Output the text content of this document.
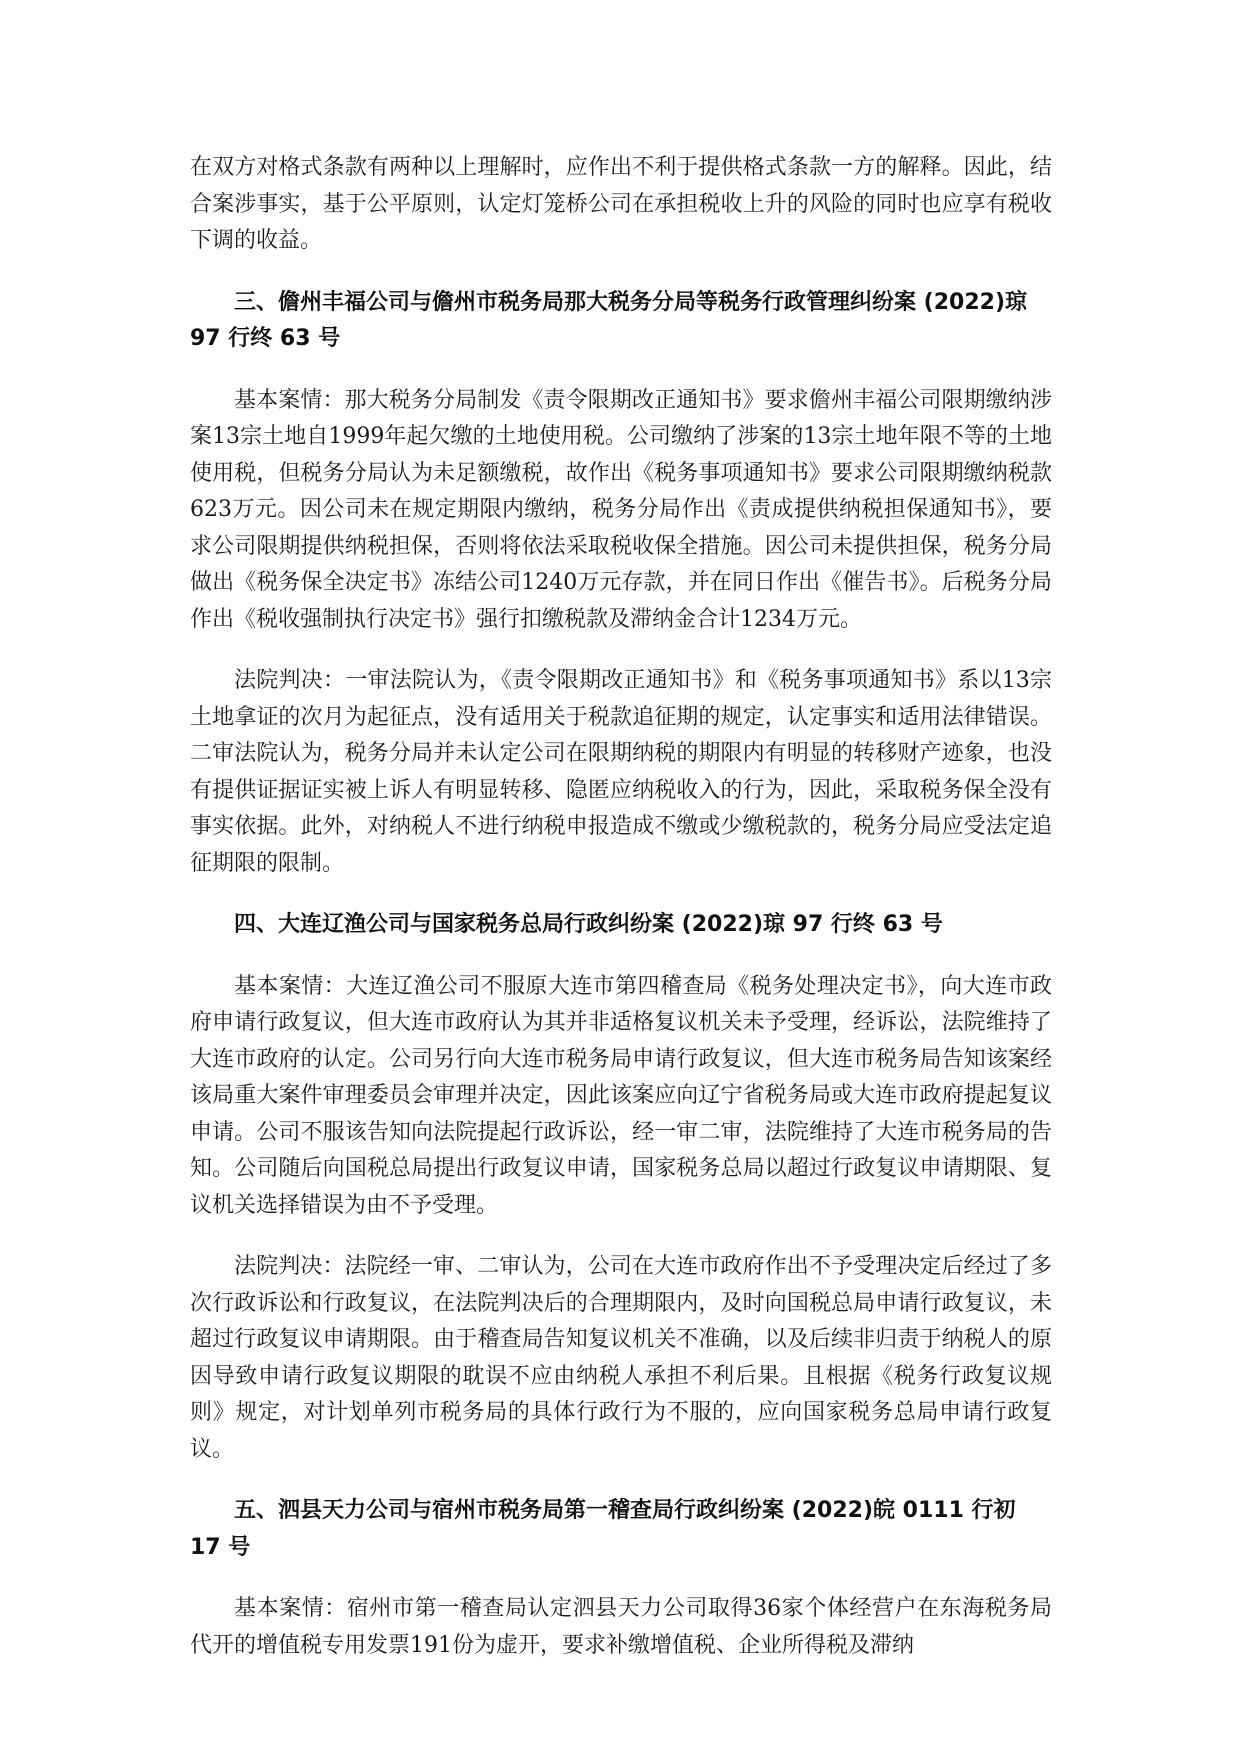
在双方对格式条款有两种以上理解时，应作出不利于提供格式条款一方的解释。因此，结合案涉事实，基于公平原则，认定灯笼桥公司在承担税收上升的风险的同时也应享有税收下调的收益。

三、儋州丰福公司与儋州市税务局那大税务分局等税务行政管理纠纷案 (2022)琼 97 行终 63 号

基本案情：那大税务分局制发《责令限期改正通知书》要求儋州丰福公司限期缴纳涉案13宗土地自1999年起欠缴的土地使用税。公司缴纳了涉案的13宗土地年限不等的土地使用税，但税务分局认为未足额缴税，故作出《税务事项通知书》要求公司限期缴纳税款623万元。因公司未在规定期限内缴纳，税务分局作出《责成提供纳税担保通知书》，要求公司限期提供纳税担保，否则将依法采取税收保全措施。因公司未提供担保，税务分局做出《税务保全决定书》冻结公司1240万元存款，并在同日作出《催告书》。后税务分局作出《税收强制执行决定书》强行扣缴税款及滞纳金合计1234万元。

法院判决：一审法院认为，《责令限期改正通知书》和《税务事项通知书》系以13宗土地拿证的次月为起征点，没有适用关于税款追征期的规定，认定事实和适用法律错误。二审法院认为，税务分局并未认定公司在限期纳税的期限内有明显的转移财产迹象，也没有提供证据证实被上诉人有明显转移、隐匿应纳税收入的行为，因此，采取税务保全没有事实依据。此外，对纳税人不进行纳税申报造成不缴或少缴税款的，税务分局应受法定追征期限的限制。

四、大连辽渔公司与国家税务总局行政纠纷案 (2022)琼 97 行终 63 号

基本案情：大连辽渔公司不服原大连市第四稽查局《税务处理决定书》，向大连市政府申请行政复议，但大连市政府认为其并非适格复议机关未予受理，经诉讼，法院维持了大连市政府的认定。公司另行向大连市税务局申请行政复议，但大连市税务局告知该案经该局重大案件审理委员会审理并决定，因此该案应向辽宁省税务局或大连市政府提起复议申请。公司不服该告知向法院提起行政诉讼，经一审二审，法院维持了大连市税务局的告知。公司随后向国税总局提出行政复议申请，国家税务总局以超过行政复议申请期限、复议机关选择错误为由不予受理。

法院判决：法院经一审、二审认为，公司在大连市政府作出不予受理决定后经过了多次行政诉讼和行政复议，在法院判决后的合理期限内，及时向国税总局申请行政复议，未超过行政复议申请期限。由于稽查局告知复议机关不准确，以及后续非归责于纳税人的原因导致申请行政复议期限的耽误不应由纳税人承担不利后果。且根据《税务行政复议规则》规定，对计划单列市税务局的具体行政行为不服的，应向国家税务总局申请行政复议。

五、泗县天力公司与宿州市税务局第一稽查局行政纠纷案 (2022)皖 0111 行初 17 号

基本案情：宿州市第一稽查局认定泗县天力公司取得36家个体经营户在东海税务局代开的增值税专用发票191份为虚开，要求补缴增值税、企业所得税及滞纳
